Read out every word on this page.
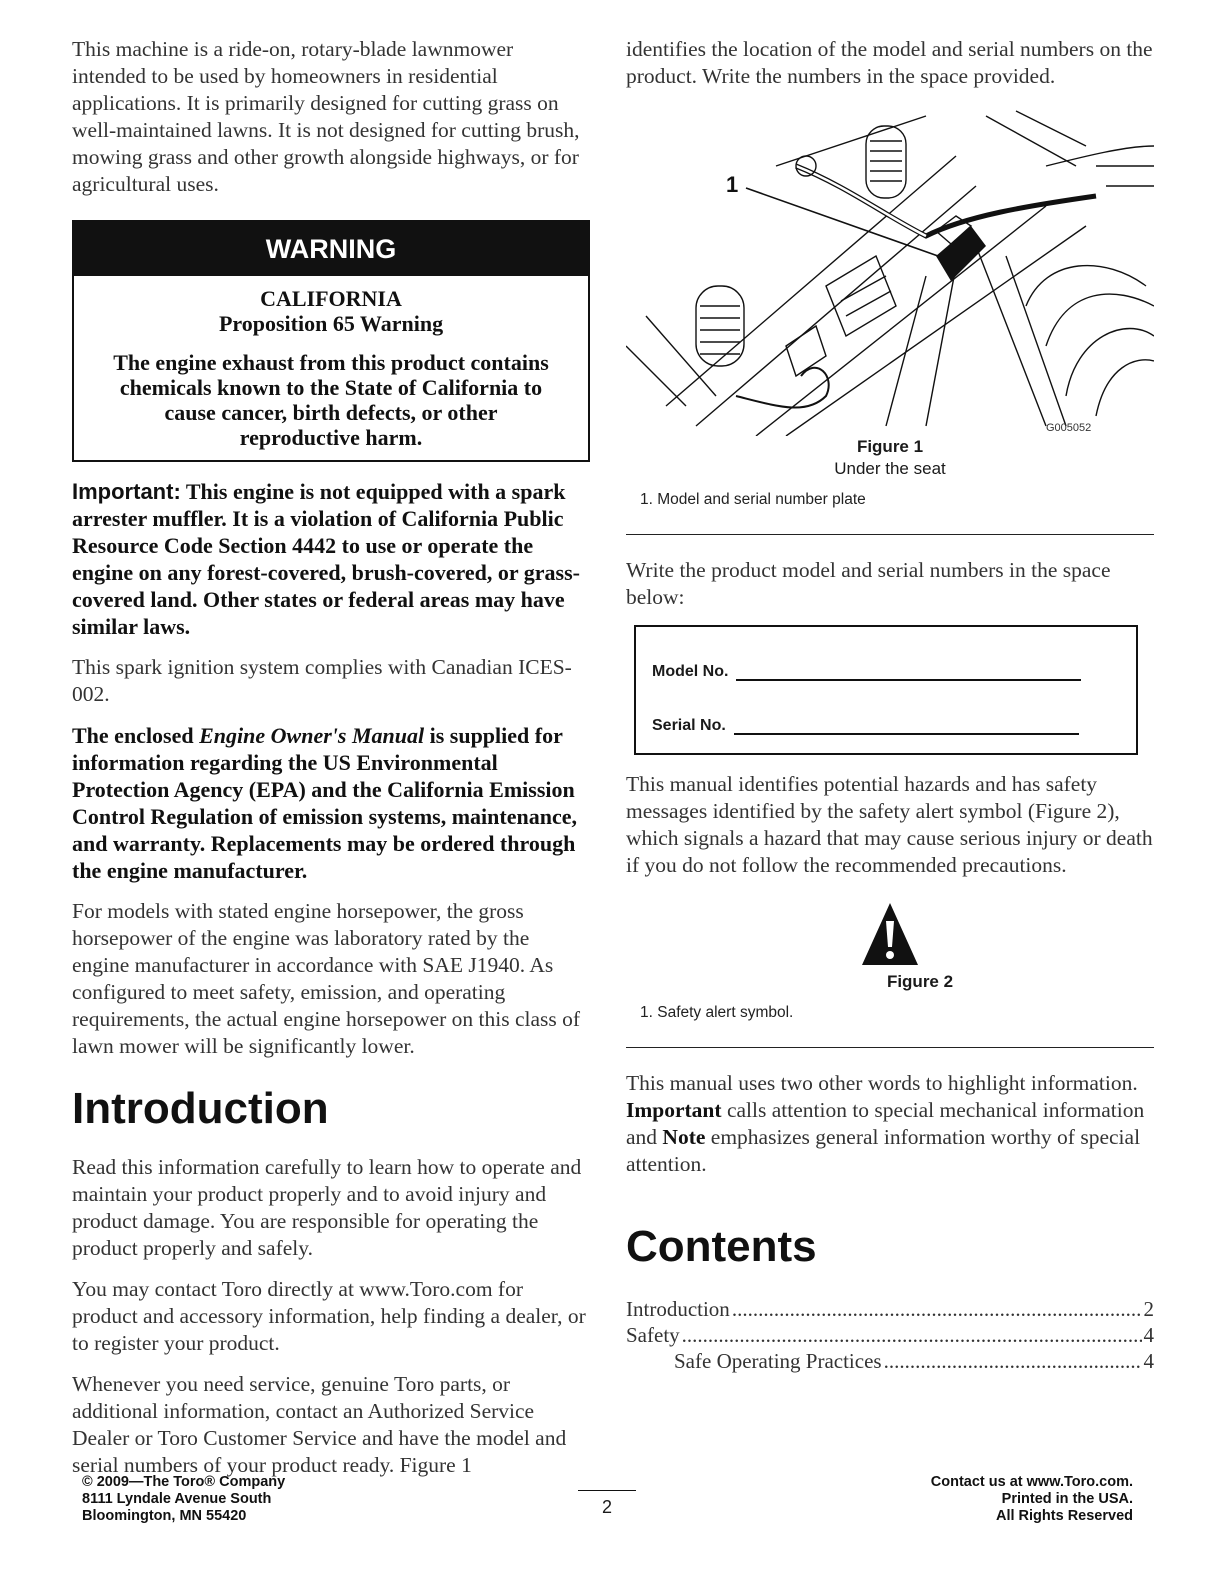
This machine is a ride-on, rotary-blade lawnmower intended to be used by homeowners in residential applications. It is primarily designed for cutting grass on well-maintained lawns. It is not designed for cutting brush, mowing grass and other growth alongside highways, or for agricultural uses.

WARNING
CALIFORNIA
Proposition 65 Warning
The engine exhaust from this product contains chemicals known to the State of California to cause cancer, birth defects, or other reproductive harm.

Important: This engine is not equipped with a spark arrester muffler. It is a violation of California Public Resource Code Section 4442 to use or operate the engine on any forest-covered, brush-covered, or grass-covered land. Other states or federal areas may have similar laws.

This spark ignition system complies with Canadian ICES-002.

The enclosed Engine Owner's Manual is supplied for information regarding the US Environmental Protection Agency (EPA) and the California Emission Control Regulation of emission systems, maintenance, and warranty. Replacements may be ordered through the engine manufacturer.

For models with stated engine horsepower, the gross horsepower of the engine was laboratory rated by the engine manufacturer in accordance with SAE J1940. As configured to meet safety, emission, and operating requirements, the actual engine horsepower on this class of lawn mower will be significantly lower.

Introduction

Read this information carefully to learn how to operate and maintain your product properly and to avoid injury and product damage. You are responsible for operating the product properly and safely.

You may contact Toro directly at www.Toro.com for product and accessory information, help finding a dealer, or to register your product.

Whenever you need service, genuine Toro parts, or additional information, contact an Authorized Service Dealer or Toro Customer Service and have the model and serial numbers of your product ready. Figure 1

identifies the location of the model and serial numbers on the product. Write the numbers in the space provided.

1
G005052
Figure 1
Under the seat
1. Model and serial number plate

Write the product model and serial numbers in the space below:

Model No.
Serial No.

This manual identifies potential hazards and has safety messages identified by the safety alert symbol (Figure 2), which signals a hazard that may cause serious injury or death if you do not follow the recommended precautions.

Figure 2
1. Safety alert symbol.

This manual uses two other words to highlight information. Important calls attention to special mechanical information and Note emphasizes general information worthy of special attention.

Contents
Introduction .....	2
Safety .....	4
Safe Operating Practices .....	4
© 2009—The Toro® Company
8111 Lyndale Avenue South
Bloomington, MN 55420	2
Contact us at www.Toro.com.
Printed in the USA.
All Rights Reserved
